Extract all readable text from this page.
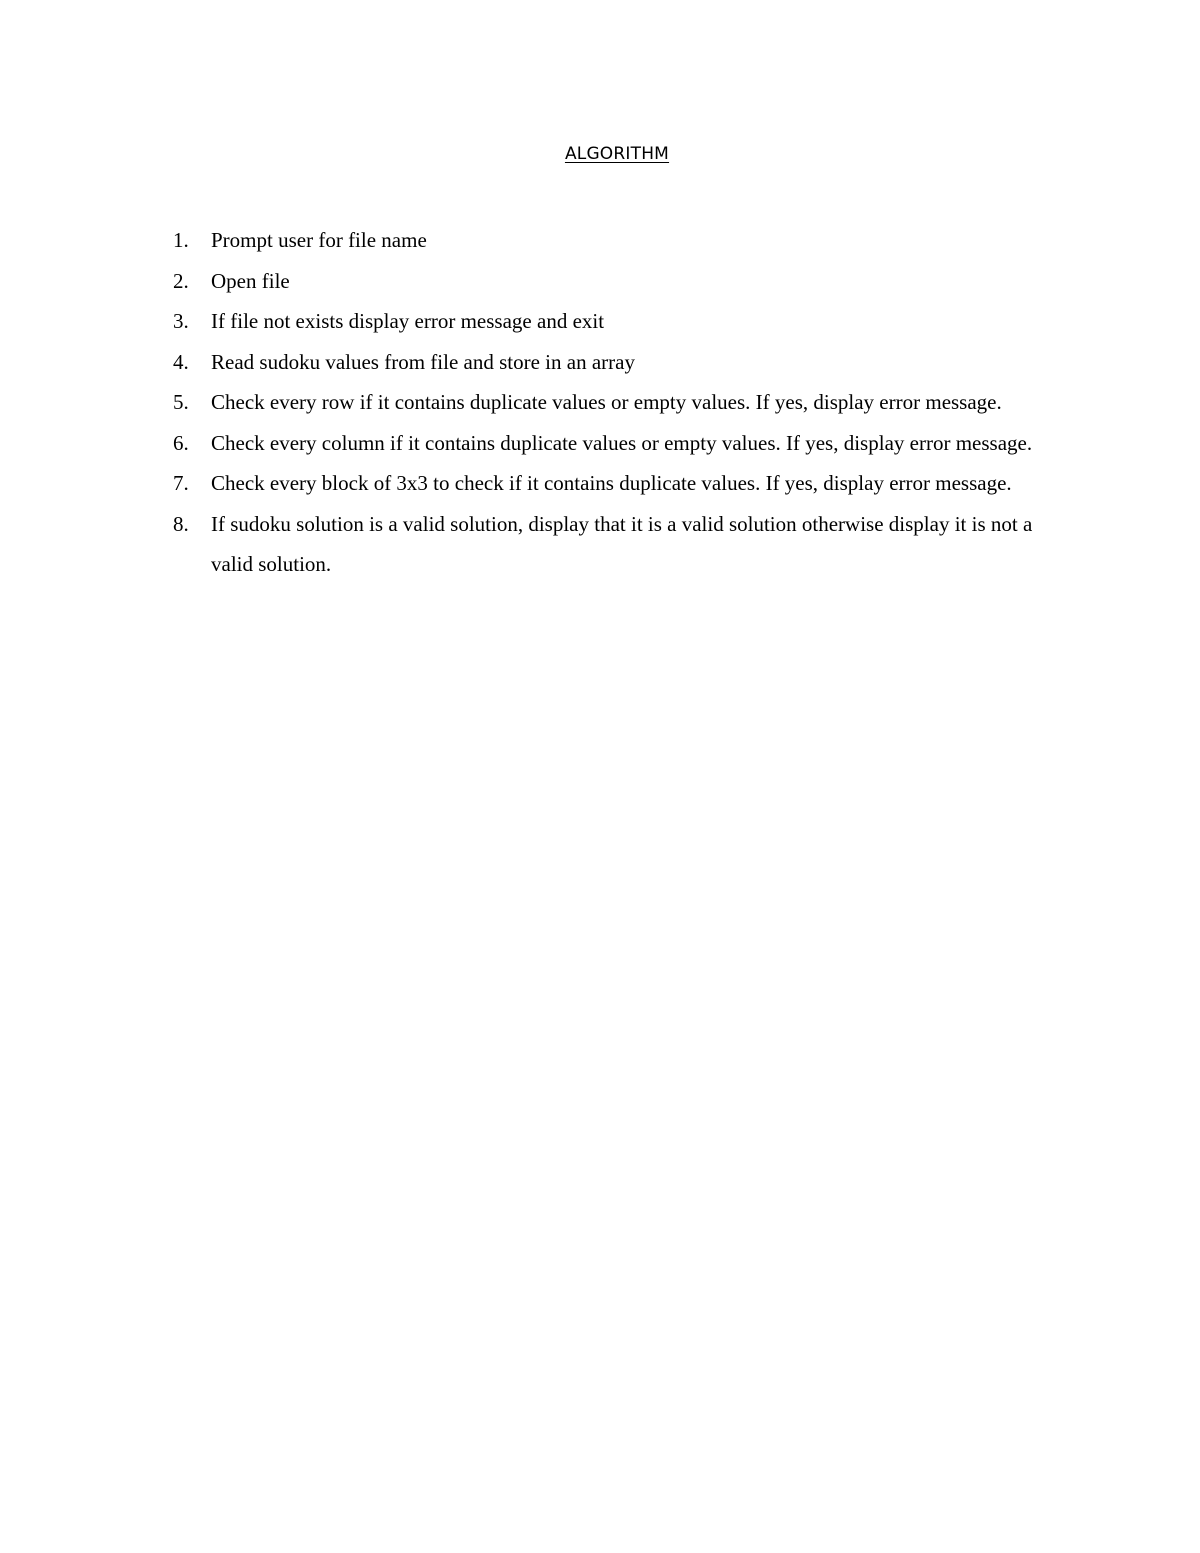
ALGORITHM
1.	Prompt user for file name
2.	Open file
3.	If file not exists display error message and exit
4.	Read sudoku values from file and store in an array
5.	Check every row if it contains duplicate values or empty values. If yes, display error message.
6.	Check every column if it contains duplicate values or empty values. If yes, display error message.
7.	Check every block of 3x3 to check if it contains duplicate values. If yes, display error message.
8.	If sudoku solution is a valid solution, display that it is a valid solution otherwise display it is not a valid solution.
